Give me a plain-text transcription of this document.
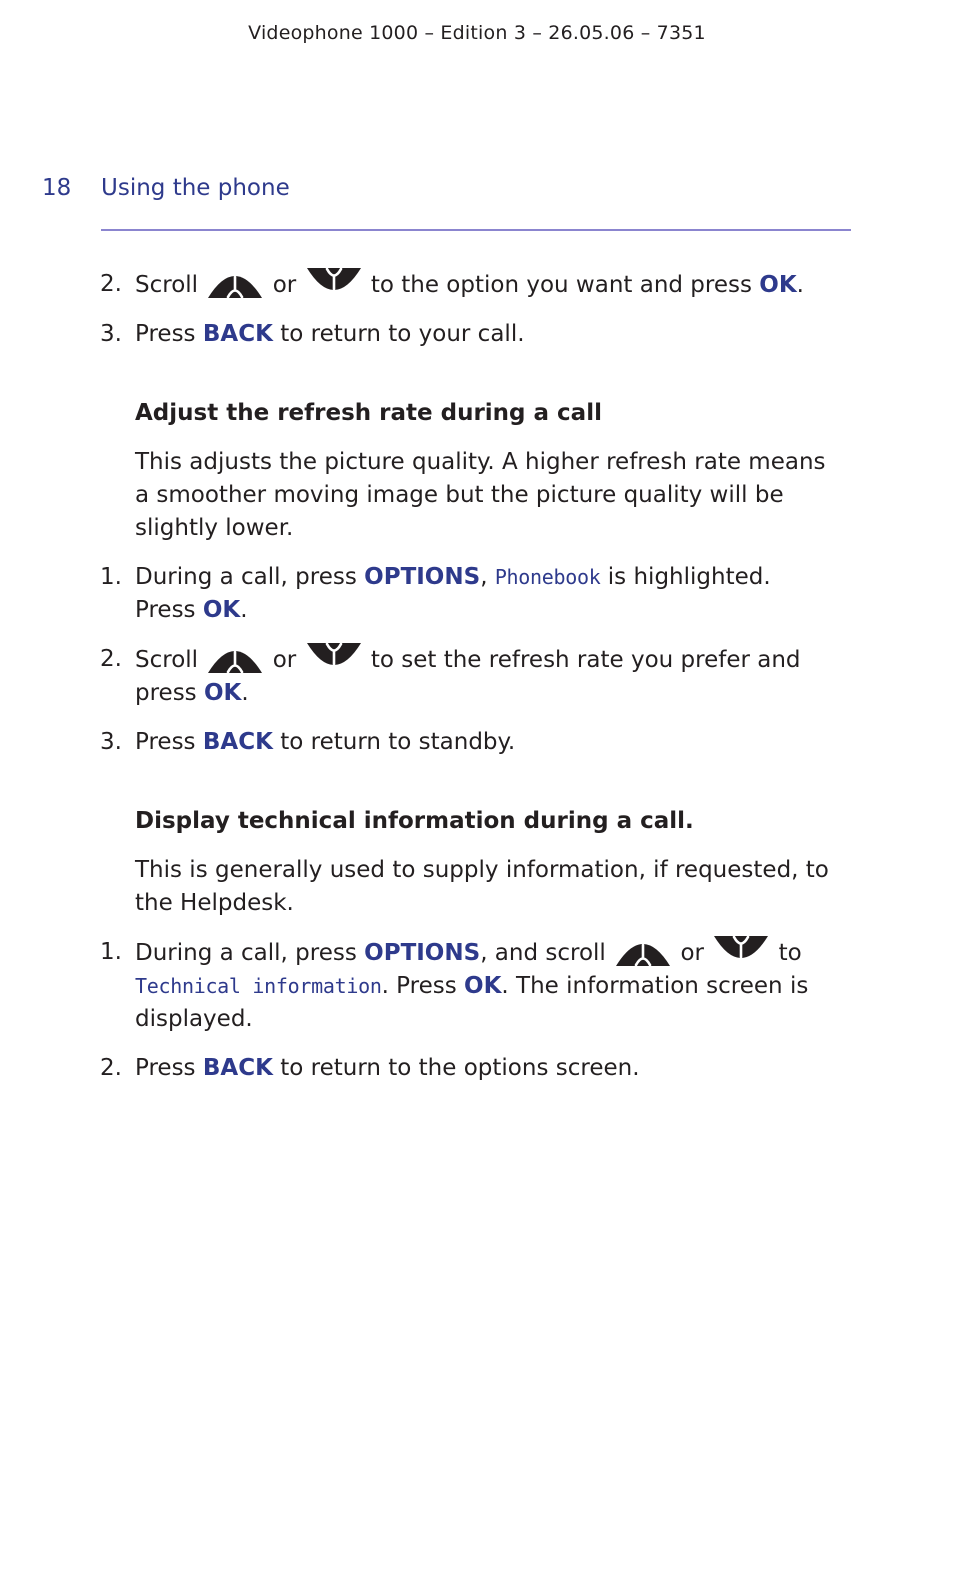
Videophone 1000 – Edition 3 – 26.05.06 – 7351
18 Using the phone
2. Scroll	or	to the option you want and press OK.
3. Press BACK to return to your call.
Adjust the refresh rate during a call
This adjusts the picture quality. A higher refresh rate means a smoother moving image but the picture quality will be slightly lower.
1. During a call, press OPTIONS, Phonebook is highlighted.
Press OK.
2. Scroll	or	to set the refresh rate you prefer and
press OK.
3. Press BACK to return to standby.
Display technical information during a call.
This is generally used to supply information, if requested, to the Helpdesk.
1. During a call, press OPTIONS, and scroll	or	to
Technical information. Press OK. The information screen is displayed.
2. Press BACK to return to the options screen.
